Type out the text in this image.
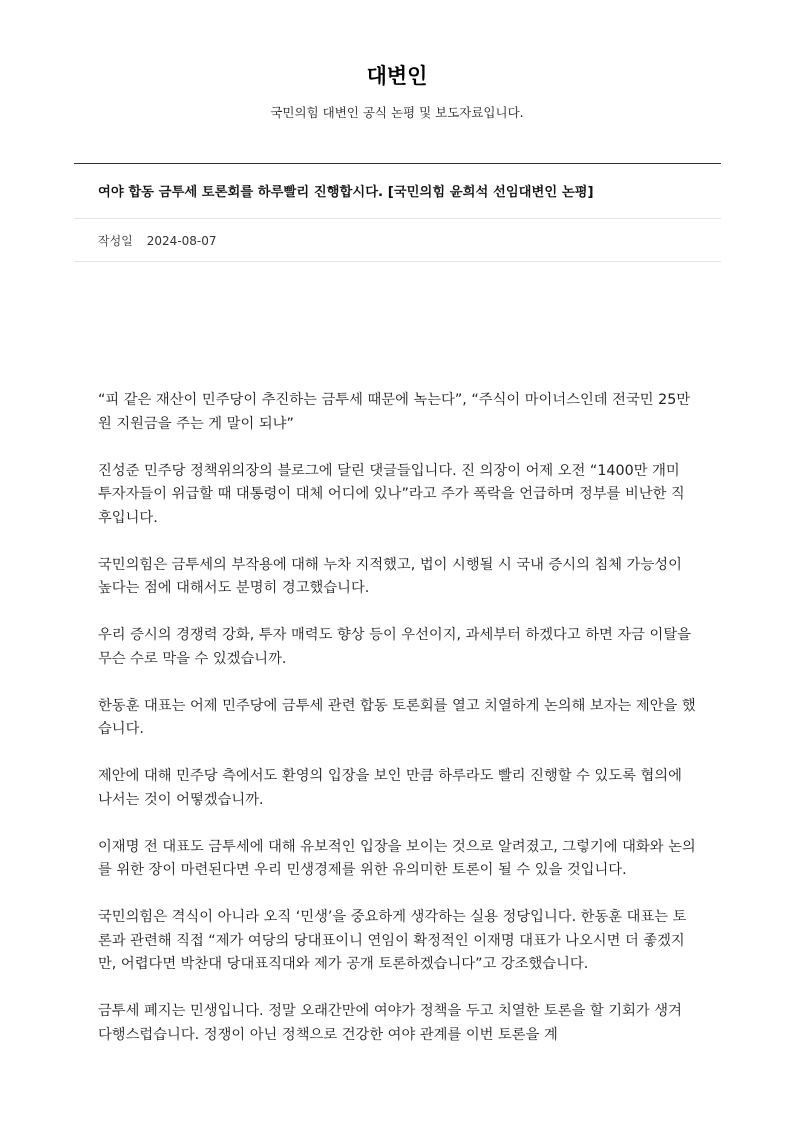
대변인

국민의힘 대변인 공식 논평 및 보도자료입니다.

여야 합동 금투세 토론회를 하루빨리 진행합시다. [국민의힘 윤희석 선임대변인 논평]
작성일 2024-08-07

“피 같은 재산이 민주당이 추진하는 금투세 때문에 녹는다”, “주식이 마이너스인데 전국민 25만 원 지원금을 주는 게 말이 되냐”

진성준 민주당 정책위의장의 블로그에 달린 댓글들입니다. 진 의장이 어제 오전 “1400만 개미 투자자들이 위급할 때 대통령이 대체 어디에 있나”라고 주가 폭락을 언급하며 정부를 비난한 직후입니다.

국민의힘은 금투세의 부작용에 대해 누차 지적했고, 법이 시행될 시 국내 증시의 침체 가능성이 높다는 점에 대해서도 분명히 경고했습니다.

우리 증시의 경쟁력 강화, 투자 매력도 향상 등이 우선이지, 과세부터 하겠다고 하면 자금 이탈을 무슨 수로 막을 수 있겠습니까.

한동훈 대표는 어제 민주당에 금투세 관련 합동 토론회를 열고 치열하게 논의해 보자는 제안을 했습니다.

제안에 대해 민주당 측에서도 환영의 입장을 보인 만큼 하루라도 빨리 진행할 수 있도록 협의에 나서는 것이 어떻겠습니까.

이재명 전 대표도 금투세에 대해 유보적인 입장을 보이는 것으로 알려졌고, 그렇기에 대화와 논의를 위한 장이 마련된다면 우리 민생경제를 위한 유의미한 토론이 될 수 있을 것입니다.

국민의힘은 격식이 아니라 오직 ‘민생’을 중요하게 생각하는 실용 정당입니다. 한동훈 대표는 토론과 관련해 직접 “제가 여당의 당대표이니 연임이 확정적인 이재명 대표가 나오시면 더 좋겠지만, 어렵다면 박찬대 당대표직대와 제가 공개 토론하겠습니다”고 강조했습니다.

금투세 폐지는 민생입니다. 정말 오래간만에 여야가 정책을 두고 치열한 토론을 할 기회가 생겨 다행스럽습니다. 정쟁이 아닌 정책으로 건강한 여야 관계를 이번 토론을 계
